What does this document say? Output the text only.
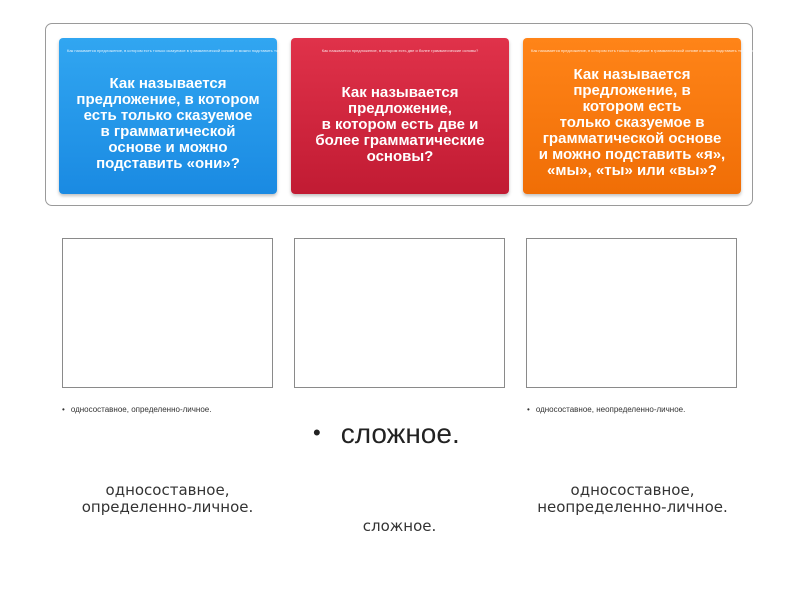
Как называется предложение, в котором есть только сказуемое в грамматической основе и можно подставить «они»?
Как называется
предложение, в котором
есть только сказуемое
в грамматической
основе и можно
подставить «они»?
Как называется предложение, в котором есть две и более грамматические основы?
Как называется
предложение,
в котором есть две и
более грамматические
основы?
Как называется предложение, в котором есть только сказуемое в грамматической основе и можно подставить «я», «мы», «ты» или «вы»?
Как называется
предложение, в
котором есть
только сказуемое в
грамматической основе
и можно подставить «я»,
«мы», «ты» или «вы»?
• односоставное, определенно-личное.
• сложное.
• односоставное, неопределенно-личное.
односоставное,
определенно-личное.
сложное.
односоставное,
неопределенно-личное.
